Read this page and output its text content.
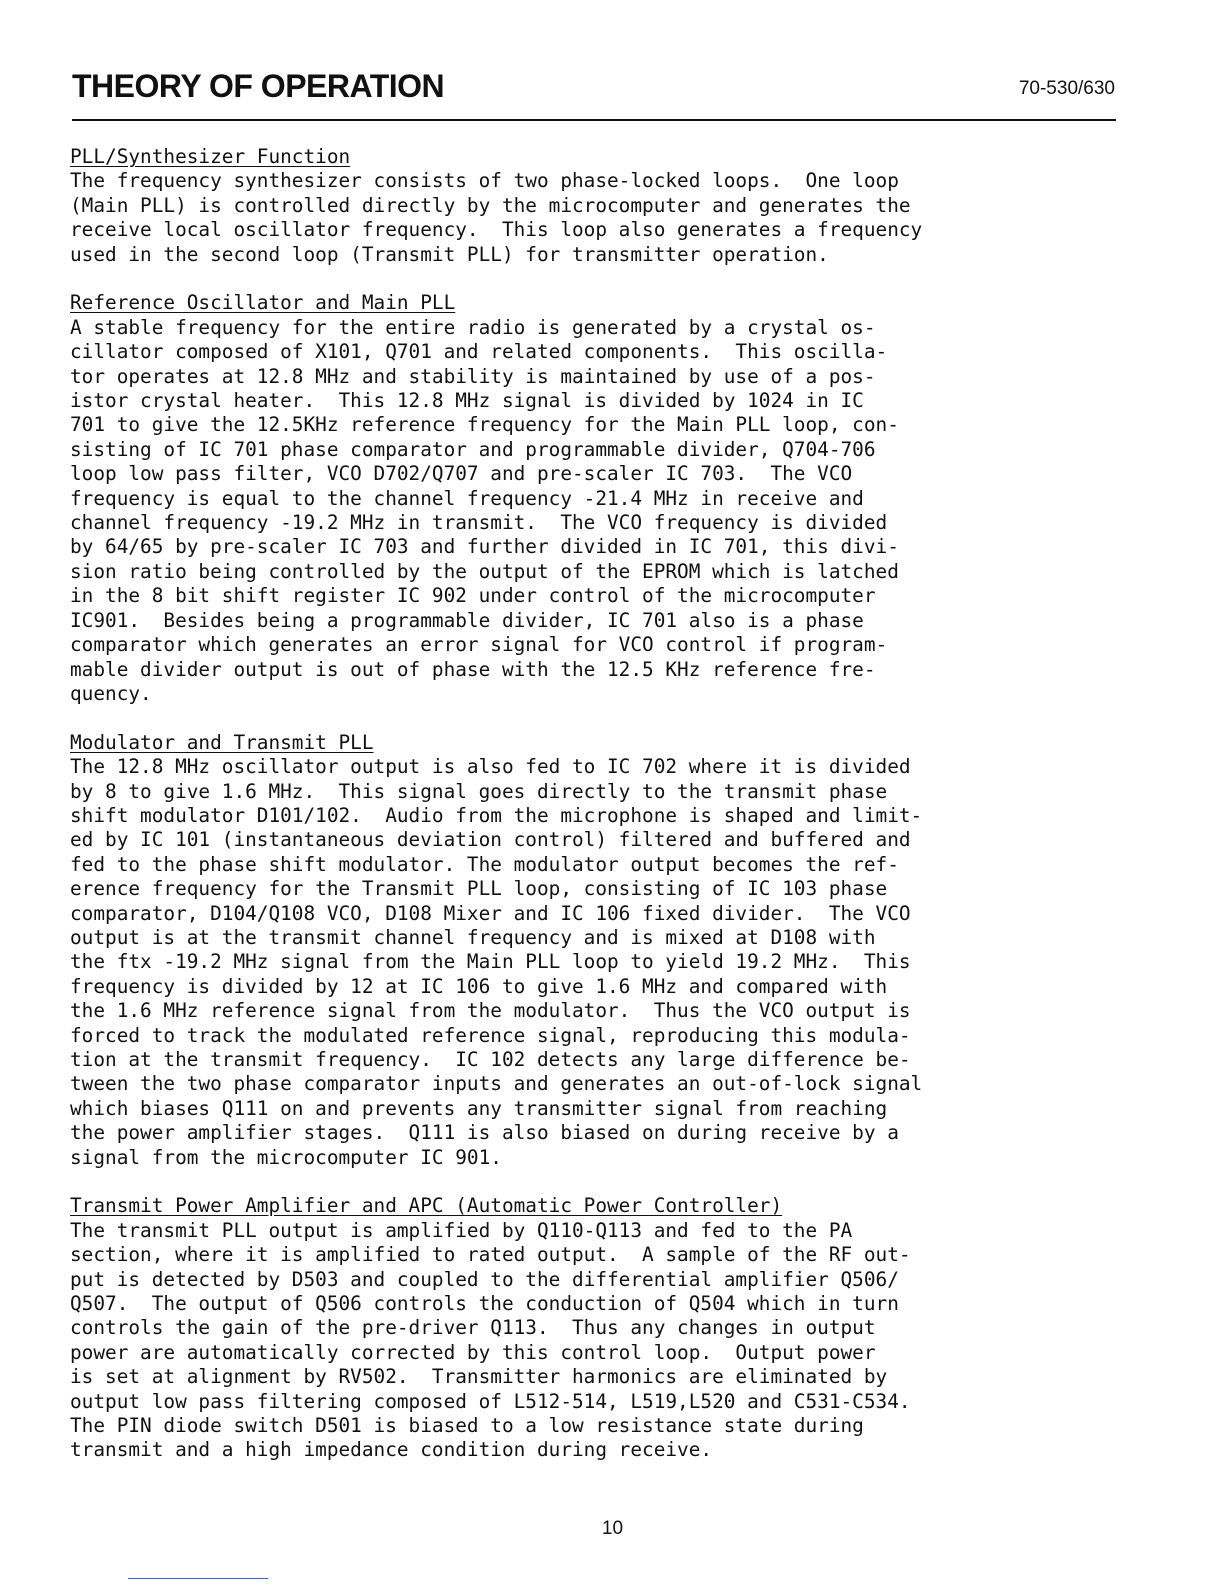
THEORY OF OPERATION	70-530/630
PLL/Synthesizer Function
The frequency synthesizer consists of two phase-locked loops.  One loop
(Main PLL) is controlled directly by the microcomputer and generates the
receive local oscillator frequency.  This loop also generates a frequency
used in the second loop (Transmit PLL) for transmitter operation.
Reference Oscillator and Main PLL
A stable frequency for the entire radio is generated by a crystal os-
cillator composed of X101, Q701 and related components.  This oscilla-
tor operates at 12.8 MHz and stability is maintained by use of a pos-
istor crystal heater.  This 12.8 MHz signal is divided by 1024 in IC
701 to give the 12.5KHz reference frequency for the Main PLL loop, con-
sisting of IC 701 phase comparator and programmable divider, Q704-706
loop low pass filter, VCO D702/Q707 and pre-scaler IC 703.  The VCO
frequency is equal to the channel frequency -21.4 MHz in receive and
channel frequency -19.2 MHz in transmit.  The VCO frequency is divided
by 64/65 by pre-scaler IC 703 and further divided in IC 701, this divi-
sion ratio being controlled by the output of the EPROM which is latched
in the 8 bit shift register IC 902 under control of the microcomputer
IC901.  Besides being a programmable divider, IC 701 also is a phase
comparator which generates an error signal for VCO control if program-
mable divider output is out of phase with the 12.5 KHz reference fre-
quency.
Modulator and Transmit PLL
The 12.8 MHz oscillator output is also fed to IC 702 where it is divided
by 8 to give 1.6 MHz.  This signal goes directly to the transmit phase
shift modulator D101/102.  Audio from the microphone is shaped and limit-
ed by IC 101 (instantaneous deviation control) filtered and buffered and
fed to the phase shift modulator. The modulator output becomes the ref-
erence frequency for the Transmit PLL loop, consisting of IC 103 phase
comparator, D104/Q108 VCO, D108 Mixer and IC 106 fixed divider.  The VCO
output is at the transmit channel frequency and is mixed at D108 with
the ftx -19.2 MHz signal from the Main PLL loop to yield 19.2 MHz.  This
frequency is divided by 12 at IC 106 to give 1.6 MHz and compared with
the 1.6 MHz reference signal from the modulator.  Thus the VCO output is
forced to track the modulated reference signal, reproducing this modula-
tion at the transmit frequency.  IC 102 detects any large difference be-
tween the two phase comparator inputs and generates an out-of-lock signal
which biases Q111 on and prevents any transmitter signal from reaching
the power amplifier stages.  Q111 is also biased on during receive by a
signal from the microcomputer IC 901.
Transmit Power Amplifier and APC (Automatic Power Controller)
The transmit PLL output is amplified by Q110-Q113 and fed to the PA
section, where it is amplified to rated output.  A sample of the RF out-
put is detected by D503 and coupled to the differential amplifier Q506/
Q507.  The output of Q506 controls the conduction of Q504 which in turn
controls the gain of the pre-driver Q113.  Thus any changes in output
power are automatically corrected by this control loop.  Output power
is set at alignment by RV502.  Transmitter harmonics are eliminated by
output low pass filtering composed of L512-514, L519,L520 and C531-C534.
The PIN diode switch D501 is biased to a low resistance state during
transmit and a high impedance condition during receive.
10
